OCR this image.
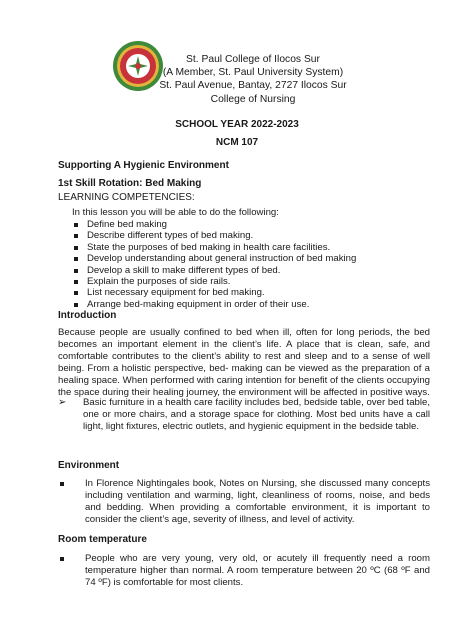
St. Paul College of Ilocos Sur
(A Member, St. Paul University System)
St. Paul Avenue, Bantay, 2727 Ilocos Sur
College of Nursing
SCHOOL YEAR 2022-2023
NCM 107
Supporting A Hygienic Environment
1st Skill Rotation: Bed Making
LEARNING COMPETENCIES:
In this lesson you will be able to do the following:
Define bed making
Describe different types of bed making.
State the purposes of bed making in health care facilities.
Develop understanding about general instruction of bed making
Develop a skill to make different types of bed.
Explain the purposes of side rails.
List necessary equipment for bed making.
Arrange bed-making equipment in order of their use.
Introduction
Because people are usually confined to bed when ill, often for long periods, the bed becomes an important element in the client’s life. A place that is clean, safe, and comfortable contributes to the client’s ability to rest and sleep and to a sense of well being. From a holistic perspective, bed- making can be viewed as the preparation of a healing space. When performed with caring intention for benefit of the clients occupying the space during their healing journey, the environment will be affected in positive ways.
➢ Basic furniture in a health care facility includes bed, bedside table, over bed table, one or more chairs, and a storage space for clothing. Most bed units have a call light, light fixtures, electric outlets, and hygienic equipment in the bedside table.
Environment
In Florence Nightingales book, Notes on Nursing, she discussed many concepts including ventilation and warming, light, cleanliness of rooms, noise, and beds and bedding. When providing a comfortable environment, it is important to consider the client’s age, severity of illness, and level of activity.
Room temperature
People who are very young, very old, or acutely ill frequently need a room temperature higher than normal. A room temperature between 20 ºC (68 ºF and 74 ºF) is comfortable for most clients.
